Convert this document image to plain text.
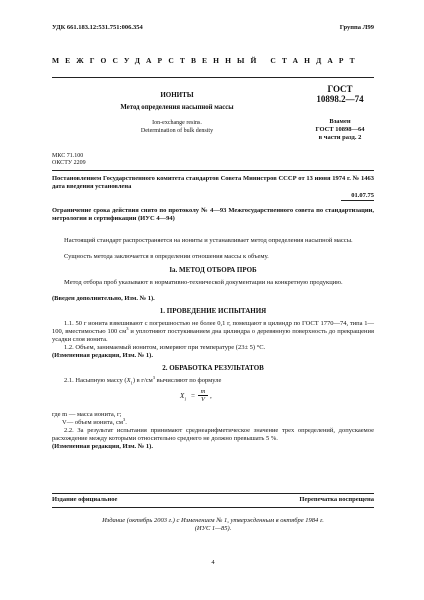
УДК 661.183.12:531.751:006.354	Группа Л99
МЕЖГОСУДАРСТВЕННЫЙ СТАНДАРТ
ИОНИТЫ
Метод определения насыпной массы
Ion-exchange resins.
Determination of bulk density
ГОСТ
10898.2—74
Взамен
ГОСТ 10898—64
в части разд. 2
МКС 71.100
ОКСТУ 2209
Постановлением Государственного комитета стандартов Совета Министров СССР от 13 июня 1974 г. № 1463 дата введения установлена
01.07.75
Ограничение срока действия снято по протоколу № 4—93 Межгосударственного совета по стандартизации, метрологии и сертификации (ИУС 4—94)
Настоящий стандарт распространяется на иониты и устанавливает метод определения насыпной массы.
Сущность метода заключается в определении отношения массы к объему.
Iа. МЕТОД ОТБОРА ПРОБ
Метод отбора проб указывают в нормативно-технической документации на конкретную продукцию.
(Введен дополнительно, Изм. № 1).
1. ПРОВЕДЕНИЕ ИСПЫТАНИЯ
1.1. 50 г ионита взвешивают с погрешностью не более 0,1 г, помещают в цилиндр по ГОСТ 1770—74, типа 1—100, вместимостью 100 $см^3$ и уплотняют постукиванием дна цилиндра о деревянную поверхность до прекращения усадки слоя ионита.
1.2. Объем, занимаемый ионитом, измеряют при температуре (23± 5) °С.
(Измененная редакция, Изм. № 1).
2. ОБРАБОТКА РЕЗУЛЬТАТОВ
2.1. Насыпную массу $(X_1)$ в $г/см^3$ вычисляют по формуле
$X_1$ =
m
V ,
где m — масса ионита, г;
V— объем ионита, $см^3$.
2.2. За результат испытания принимают среднеарифметическое значение трех определений, допускаемое расхождение между которыми относительно среднего не должно превышать 5 %.
(Измененная редакция, Изм. № 1).
Издание официальное	Перепечатка воспрещена
Издание (октябрь 2003 г.) с Изменением № 1, утвержденным в октябре 1984 г.
(ИУС 1—85).
4
